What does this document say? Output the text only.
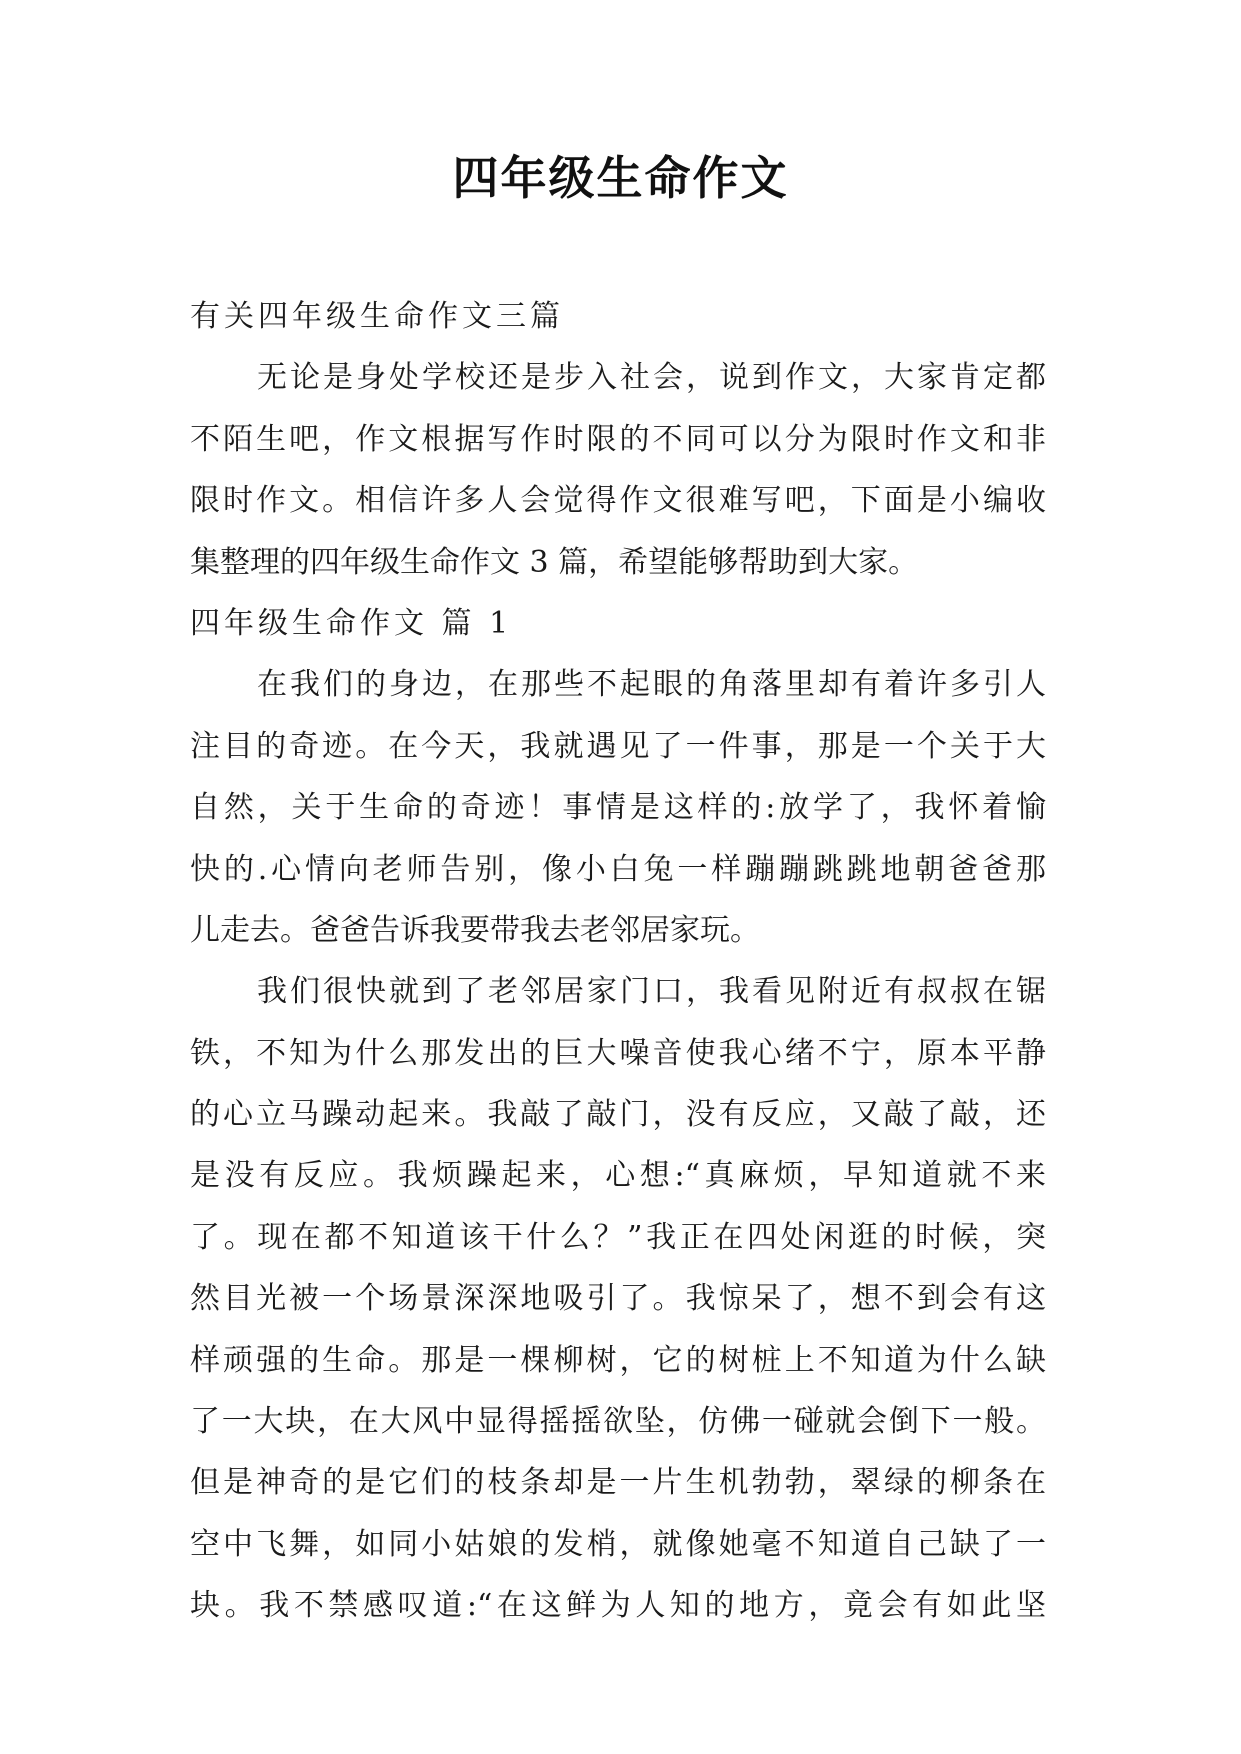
四年级生命作文
有关四年级生命作文三篇
无论是身处学校还是步入社会，说到作文，大家肯定都
不陌生吧，作文根据写作时限的不同可以分为限时作文和非
限时作文。相信许多人会觉得作文很难写吧，下面是小编收
集整理的四年级生命作文 3 篇，希望能够帮助到大家。
四年级生命作文 篇 1
在我们的身边，在那些不起眼的角落里却有着许多引人
注目的奇迹。在今天，我就遇见了一件事，那是一个关于大
自然，关于生命的奇迹！事情是这样的:放学了，我怀着愉
快的.心情向老师告别，像小白兔一样蹦蹦跳跳地朝爸爸那
儿走去。爸爸告诉我要带我去老邻居家玩。
我们很快就到了老邻居家门口，我看见附近有叔叔在锯
铁，不知为什么那发出的巨大噪音使我心绪不宁，原本平静
的心立马躁动起来。我敲了敲门，没有反应，又敲了敲，还
是没有反应。我烦躁起来，心想:“真麻烦，早知道就不来
了。现在都不知道该干什么？”我正在四处闲逛的时候，突
然目光被一个场景深深地吸引了。我惊呆了，想不到会有这
样顽强的生命。那是一棵柳树，它的树桩上不知道为什么缺
了一大块，在大风中显得摇摇欲坠，仿佛一碰就会倒下一般。
但是神奇的是它们的枝条却是一片生机勃勃，翠绿的柳条在
空中飞舞，如同小姑娘的发梢，就像她毫不知道自己缺了一
块。我不禁感叹道:“在这鲜为人知的地方，竟会有如此坚
